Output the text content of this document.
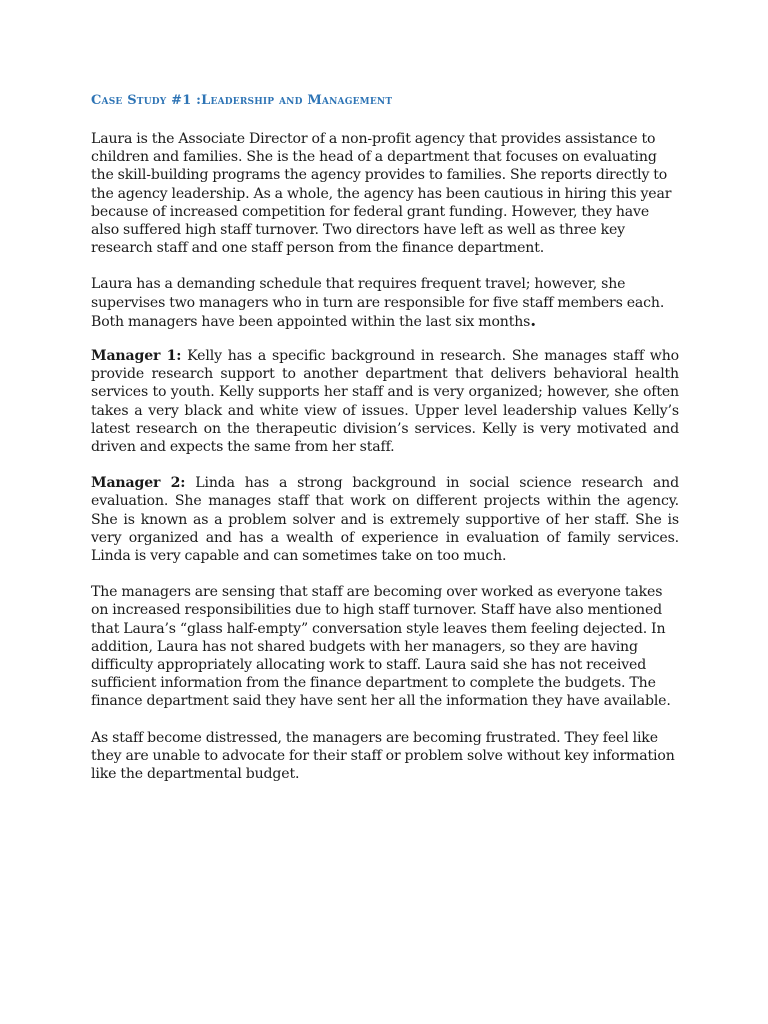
Case Study #1 :Leadership and Management

Laura is the Associate Director of a non-profit agency that provides assistance to children and families. She is the head of a department that focuses on evaluating the skill-building programs the agency provides to families. She reports directly to the agency leadership. As a whole, the agency has been cautious in hiring this year because of increased competition for federal grant funding. However, they have also suffered high staff turnover. Two directors have left as well as three key research staff and one staff person from the finance department.

Laura has a demanding schedule that requires frequent travel; however, she supervises two managers who in turn are responsible for five staff members each. Both managers have been appointed within the last six months.

Manager 1: Kelly has a specific background in research. She manages staff who provide research support to another department that delivers behavioral health services to youth. Kelly supports her staff and is very organized; however, she often takes a very black and white view of issues. Upper level leadership values Kelly’s latest research on the therapeutic division’s services. Kelly is very motivated and driven and expects the same from her staff.

Manager 2: Linda has a strong background in social science research and evaluation. She manages staff that work on different projects within the agency. She is known as a problem solver and is extremely supportive of her staff. She is very organized and has a wealth of experience in evaluation of family services. Linda is very capable and can sometimes take on too much.

The managers are sensing that staff are becoming over worked as everyone takes on increased responsibilities due to high staff turnover. Staff have also mentioned that Laura’s “glass half-empty” conversation style leaves them feeling dejected. In addition, Laura has not shared budgets with her managers, so they are having difficulty appropriately allocating work to staff. Laura said she has not received sufficient information from the finance department to complete the budgets. The finance department said they have sent her all the information they have available.

As staff become distressed, the managers are becoming frustrated. They feel like they are unable to advocate for their staff or problem solve without key information like the departmental budget.
